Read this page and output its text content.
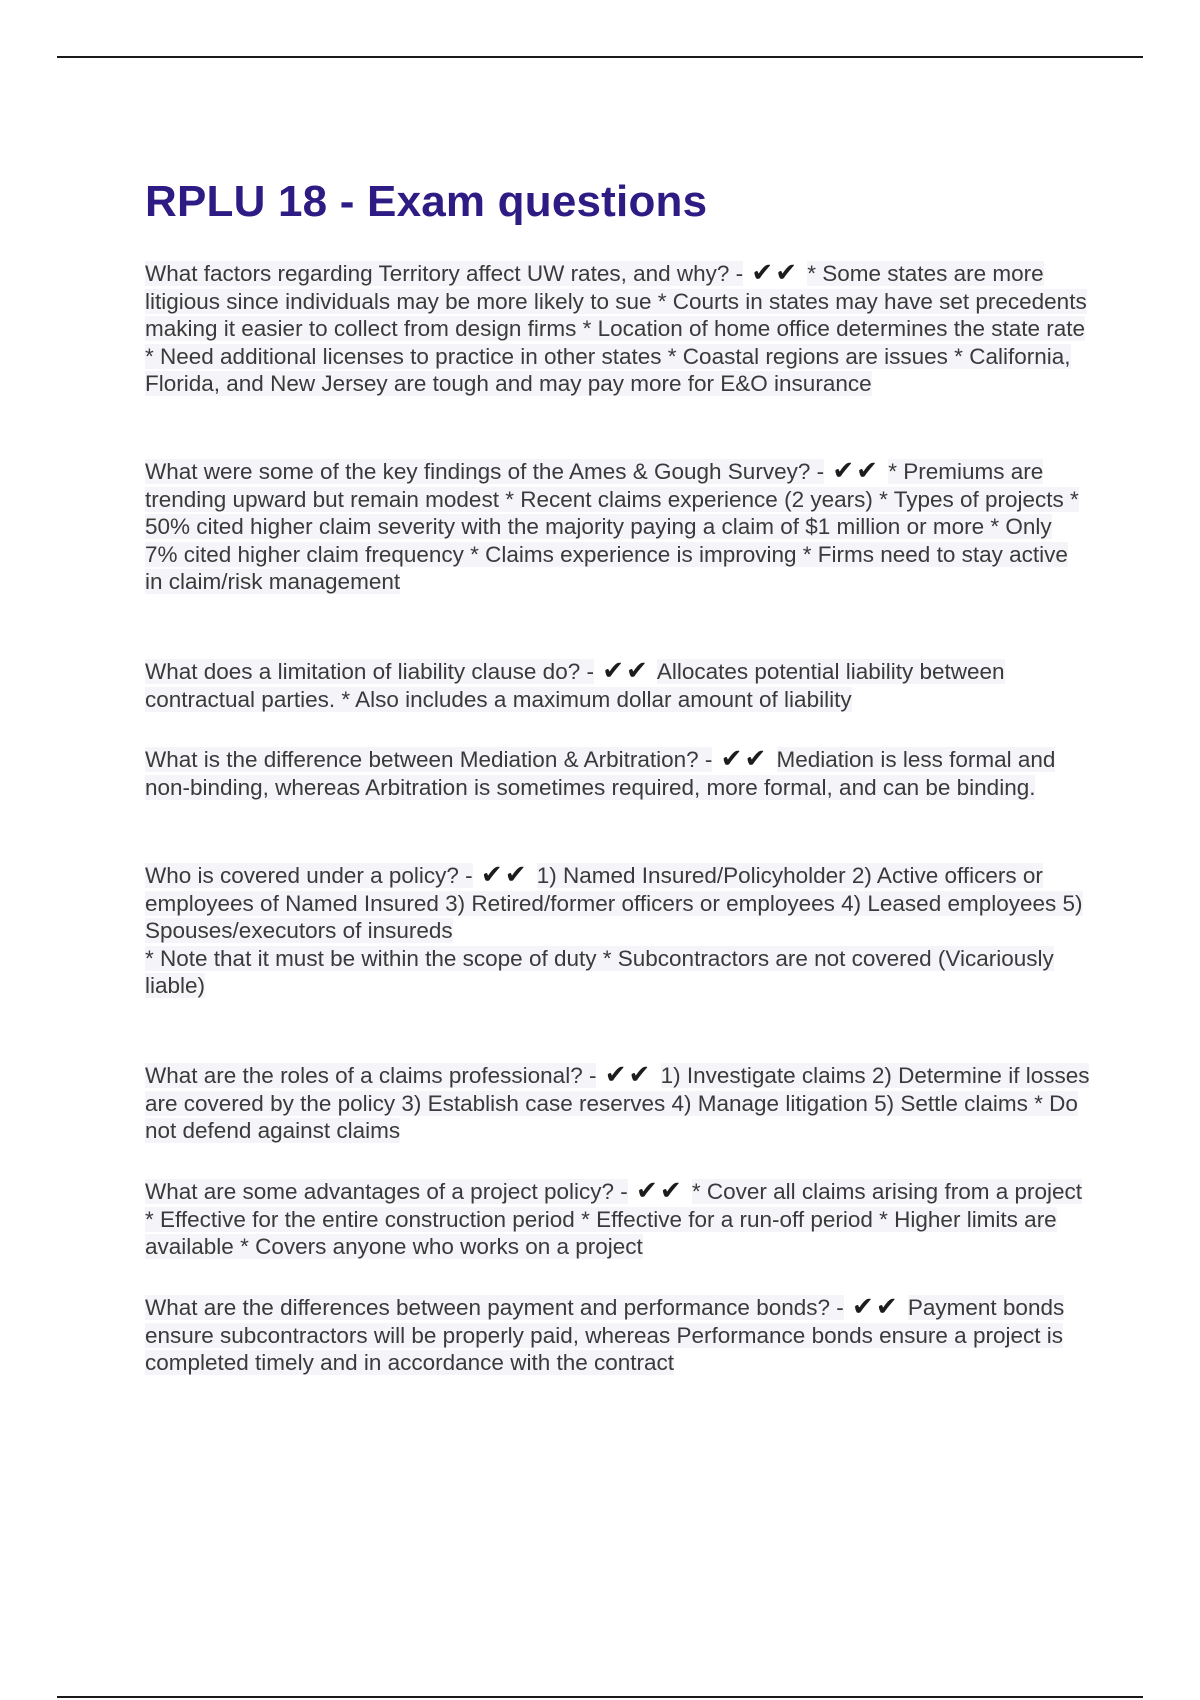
RPLU 18 - Exam questions

What factors regarding Territory affect UW rates, and why? - ✔✔ * Some states are more litigious since individuals may be more likely to sue * Courts in states may have set precedents making it easier to collect from design firms * Location of home office determines the state rate * Need additional licenses to practice in other states * Coastal regions are issues * California, Florida, and New Jersey are tough and may pay more for E&O insurance

What were some of the key findings of the Ames & Gough Survey? - ✔✔ * Premiums are trending upward but remain modest * Recent claims experience (2 years) * Types of projects * 50% cited higher claim severity with the majority paying a claim of $1 million or more * Only 7% cited higher claim frequency * Claims experience is improving * Firms need to stay active in claim/risk management

What does a limitation of liability clause do? - ✔✔ Allocates potential liability between contractual parties. * Also includes a maximum dollar amount of liability

What is the difference between Mediation & Arbitration? - ✔✔ Mediation is less formal and non-binding, whereas Arbitration is sometimes required, more formal, and can be binding.

Who is covered under a policy? - ✔✔ 1) Named Insured/Policyholder 2) Active officers or employees of Named Insured 3) Retired/former officers or employees 4) Leased employees 5) Spouses/executors of insureds
* Note that it must be within the scope of duty * Subcontractors are not covered (Vicariously liable)

What are the roles of a claims professional? - ✔✔ 1) Investigate claims 2) Determine if losses are covered by the policy 3) Establish case reserves 4) Manage litigation 5) Settle claims * Do not defend against claims

What are some advantages of a project policy? - ✔✔ * Cover all claims arising from a project * Effective for the entire construction period * Effective for a run-off period * Higher limits are available * Covers anyone who works on a project

What are the differences between payment and performance bonds? - ✔✔ Payment bonds ensure subcontractors will be properly paid, whereas Performance bonds ensure a project is completed timely and in accordance with the contract
